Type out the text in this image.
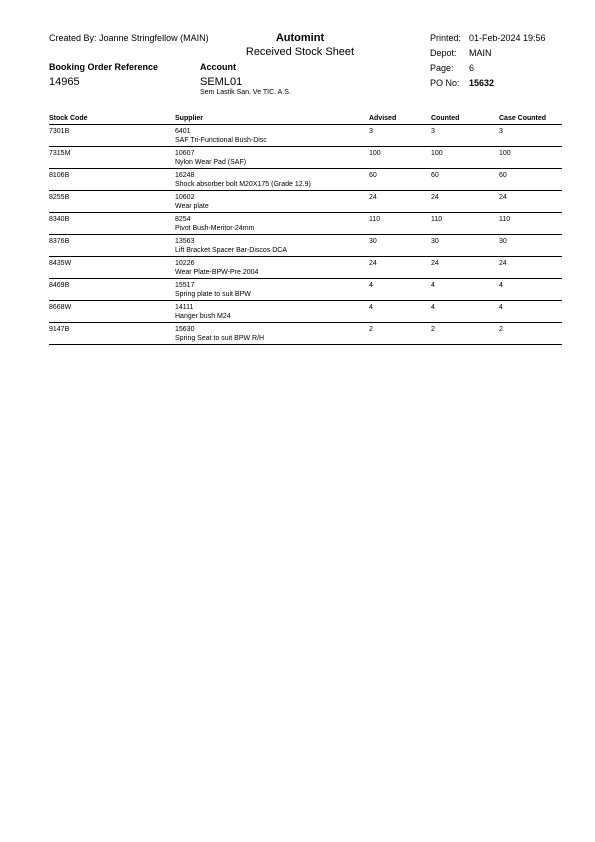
Created By: Joanne Stringfellow (MAIN)	Automint
Received Stock Sheet
Printed: 01-Feb-2024 19:56
Depot: MAIN
Page: 6
PO No: 15632
Booking Order Reference
14965
Account
SEML01
Sem Lastik San. Ve TIC. A.S.
Stock Code	Supplier	Advised	Counted	Case Counted
7301B	6401	3	3	3
SAF Tri-Functional Bush-Disc
7315M	10607	100	100	100
Nylon Wear Pad (SAF)
8106B	16248	60	60	60
Shock absorber bolt M20X175 (Grade 12.9)
8255B	10602	24	24	24
Wear plate
8340B	8254	110	110	110
Pivot Bush-Meritor-24mm
8376B	13563	30	30	30
Lift Bracket Spacer Bar-Discos DCA
8435W	10226	24	24	24
Wear Plate-BPW-Pre 2004
8469B	15517	4	4	4
Spring plate to suit BPW
8668W	14111	4	4	4
Hanger bush M24
9147B	15630	2	2	2
Spring Seat to suit BPW R/H
